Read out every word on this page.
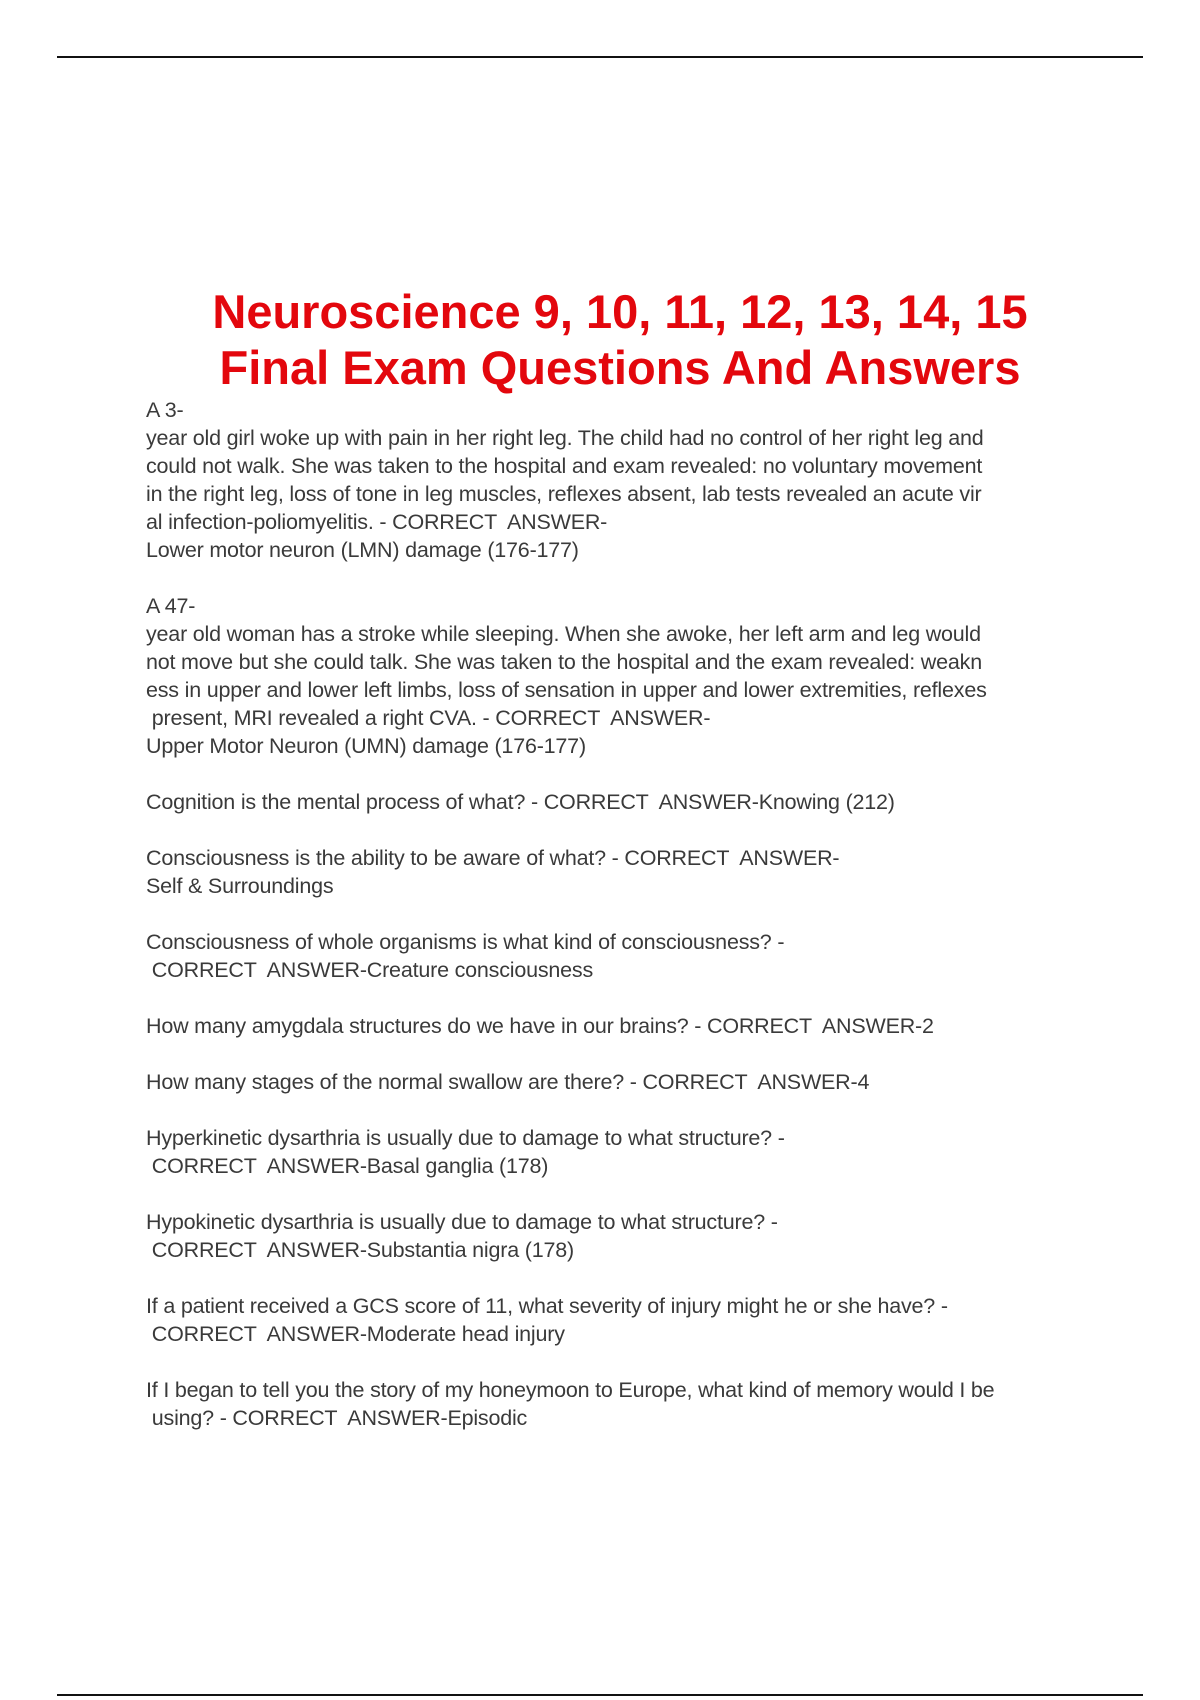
Neuroscience 9, 10, 11, 12, 13, 14, 15
Final Exam Questions And Answers
A 3-
year old girl woke up with pain in her right leg. The child had no control of her right leg and
could not walk. She was taken to the hospital and exam revealed: no voluntary movement
in the right leg, loss of tone in leg muscles, reflexes absent, lab tests revealed an acute vir
al infection-poliomyelitis. - CORRECT  ANSWER-
Lower motor neuron (LMN) damage (176-177)
A 47-
year old woman has a stroke while sleeping. When she awoke, her left arm and leg would
not move but she could talk. She was taken to the hospital and the exam revealed: weakn
ess in upper and lower left limbs, loss of sensation in upper and lower extremities, reflexes
present, MRI revealed a right CVA. - CORRECT  ANSWER-
Upper Motor Neuron (UMN) damage (176-177)
Cognition is the mental process of what? - CORRECT  ANSWER-Knowing (212)
Consciousness is the ability to be aware of what? - CORRECT  ANSWER-
Self & Surroundings
Consciousness of whole organisms is what kind of consciousness? -
CORRECT  ANSWER-Creature consciousness
How many amygdala structures do we have in our brains? - CORRECT  ANSWER-2
How many stages of the normal swallow are there? - CORRECT  ANSWER-4
Hyperkinetic dysarthria is usually due to damage to what structure? -
CORRECT  ANSWER-Basal ganglia (178)
Hypokinetic dysarthria is usually due to damage to what structure? -
CORRECT  ANSWER-Substantia nigra (178)
If a patient received a GCS score of 11, what severity of injury might he or she have? -
CORRECT  ANSWER-Moderate head injury
If I began to tell you the story of my honeymoon to Europe, what kind of memory would I be
using? - CORRECT  ANSWER-Episodic
